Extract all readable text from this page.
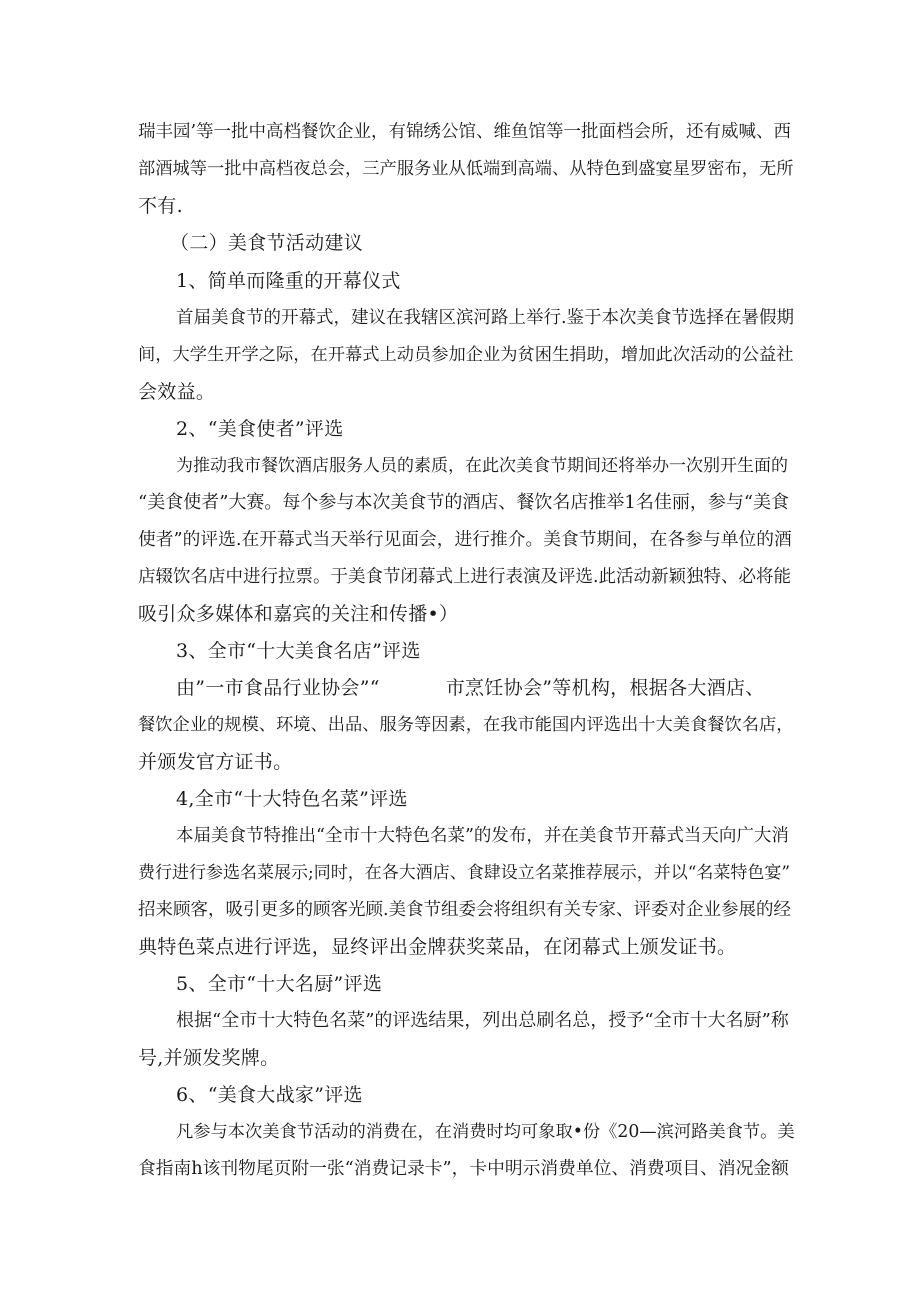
瑞丰园’等一批中高档餐饮企业，有锦绣公馆、维鱼馆等一批面档会所，还有威喊、西
部酒城等一批中高档夜总会，三产服务业从低端到高端、从特色到盛宴星罗密布，无所
不有.
（二）美食节活动建议
1、简单而隆重的开幕仪式
首届美食节的开幕式，建议在我辖区滨河路上举行.鉴于本次美食节选择在暑假期
间，大学生开学之际，在开幕式上动员参加企业为贫困生捐助，增加此次活动的公益社
会效益。
2、“美食使者”评选
为推动我市餐饮酒店服务人员的素质，在此次美食节期间还将举办一次别开生面的
“美食使者”大赛。每个参与本次美食节的酒店、餐饮名店推举1名佳丽，参与“美食
使者”的评选.在开幕式当天举行见面会，进行推介。美食节期间，在各参与单位的酒
店辍饮名店中进行拉票。于美食节闭幕式上进行表演及评选.此活动新颖独特、必将能
吸引众多媒体和嘉宾的关注和传播•）
3、全市“十大美食名店”评选
由”一市食品行业协会”“	市烹饪协会”等机构，根据各大酒店、
餐饮企业的规模、环境、出品、服务等因素，在我市能国内评选出十大美食餐饮名店，
并颁发官方证书。
4,全市“十大特色名菜”评选
本届美食节特推出“全市十大特色名菜”的发布，并在美食节开幕式当天向广大消
费行进行参选名菜展示;同时，在各大酒店、食肆设立名菜推荐展示，并以“名菜特色宴”
招来顾客，吸引更多的顾客光顾.美食节组委会将组织有关专家、评委对企业参展的经
典特色菜点进行评选，显终评出金牌获奖菜品，在闭幕式上颁发证书。
5、全市“十大名厨”评选
根据“全市十大特色名菜”的评选结果，列出总刷名总，授予“全市十大名厨”称
号,并颁发奖牌。
6、“美食大战家”评选
凡参与本次美食节活动的消费在，在消费时均可象取•份《20—滨河路美食节。美
食指南h该刊物尾页附一张“消费记录卡”，卡中明示消费单位、消费项目、消况金额
